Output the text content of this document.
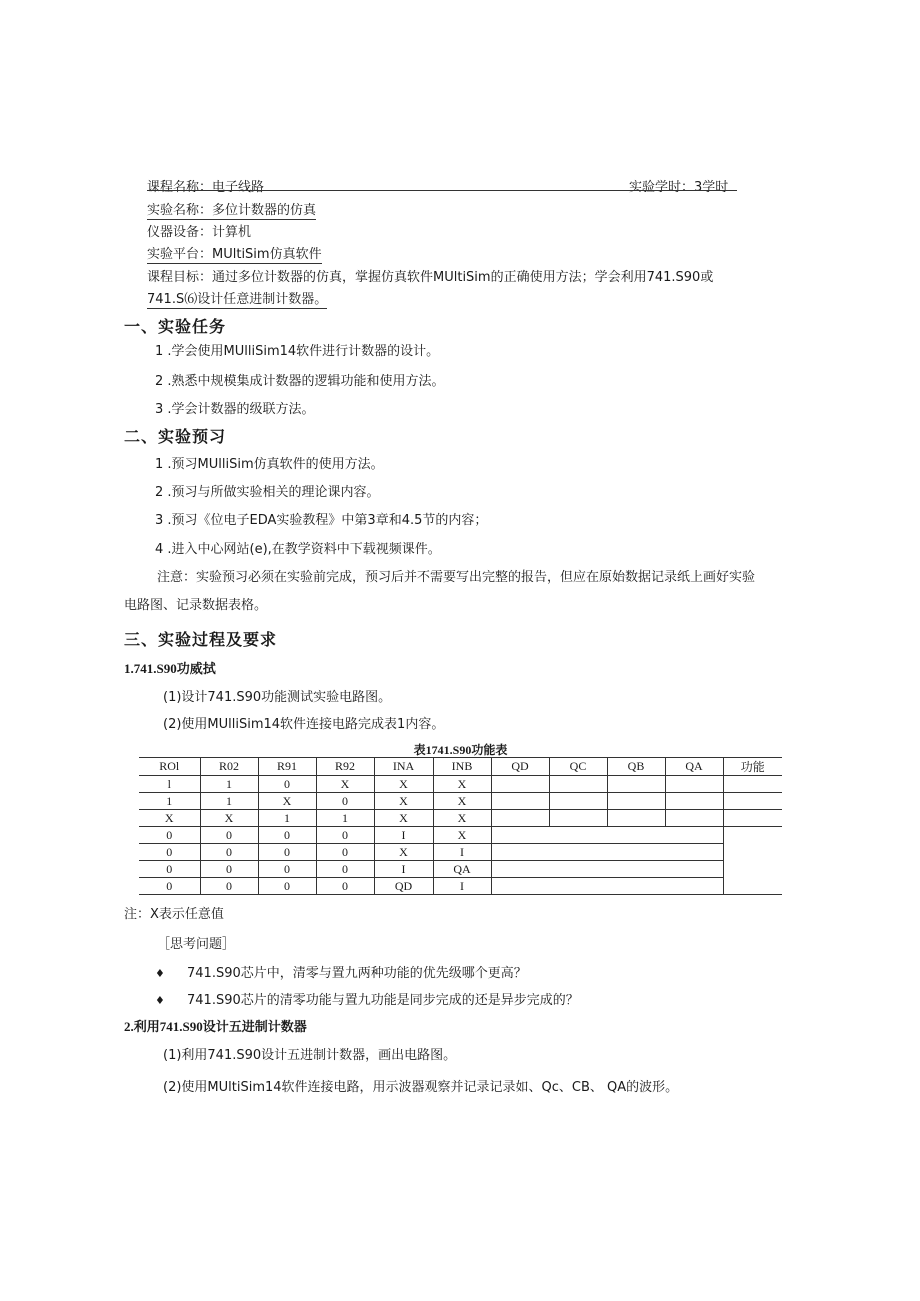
课程名称：电子线路	实验学时：3学时
实验名称：多位计数器的仿真
仪器设备：计算机
实验平台：MUltiSim仿真软件
课程目标：通过多位计数器的仿真，掌握仿真软件MUltiSim的正确使用方法；学会利用741.S90或
741.S⑹设计任意进制计数器。
一、实验任务
1 .学会使用MUlliSim14软件进行计数器的设计。
2 .熟悉中规模集成计数器的逻辑功能和使用方法。
3 .学会计数器的级联方法。
二、实验预习
1 .预习MUlliSim仿真软件的使用方法。
2 .预习与所做实验相关的理论课内容。
3 .预习《位电子EDA实验教程》中第3章和4.5节的内容；
4 .进入中心网站(e),在教学资料中下载视频课件。
注意：实验预习必须在实验前完成，预习后并不需要写出完整的报告，但应在原始数据记录纸上画好实验
电路图、记录数据表格。
三、实验过程及要求
1.741.S90功威拭
(1)设计741.S90功能测试实验电路图。
(2)使用MUlliSim14软件连接电路完成表1内容。
表1741.S90功能表
ROl	R02	R91	R92	INA	INB	QD	QC	QB	QA	功能
l	1	0	X	X	X					
1	1	X	0	X	X					
X	X	1	1	X	X					
0	0	0	0	I	X					
0	0	0	0	X	I					
0	0	0	0	I	QA					
0	0	0	0	QD	I					
注：X表示任意值
［思考问题］
♦ 741.S90芯片中，清零与置九两种功能的优先级哪个更高？
♦ 741.S90芯片的清零功能与置九功能是同步完成的还是异步完成的？
2.利用741.S90设计五进制计数器
(1)利用741.S90设计五进制计数器，画出电路图。
(2)使用MUltiSim14软件连接电路，用示波器观察并记录记录如、Qc、CB、 QA的波形。
